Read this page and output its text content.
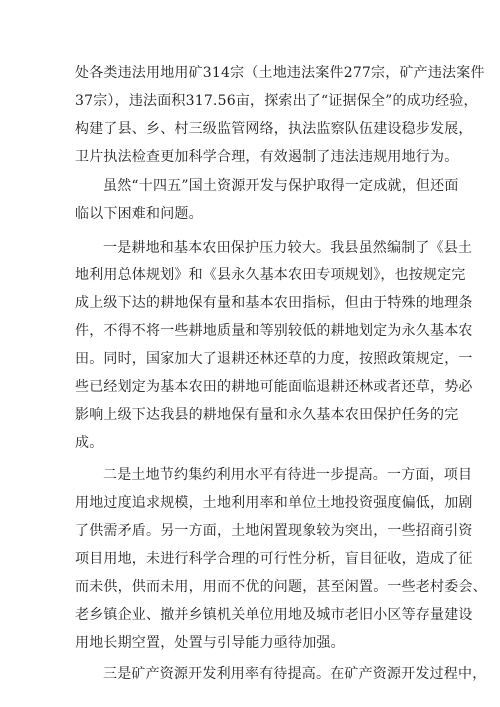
处各类违法用地用矿314宗（土地违法案件277宗，矿产违法案件
37宗），违法面积317.56亩，探索出了“证据保全”的成功经验，
构建了县、乡、村三级监管网络，执法监察队伍建设稳步发展，
卫片执法检查更加科学合理，有效遏制了违法违规用地行为。
虽然“十四五”国土资源开发与保护取得一定成就，但还面
临以下困难和问题。
一是耕地和基本农田保护压力较大。我县虽然编制了《县土
地利用总体规划》和《县永久基本农田专项规划》，也按规定完
成上级下达的耕地保有量和基本农田指标，但由于特殊的地理条
件，不得不将一些耕地质量和等别较低的耕地划定为永久基本农
田。同时，国家加大了退耕还林还草的力度，按照政策规定，一
些已经划定为基本农田的耕地可能面临退耕还林或者还草，势必
影响上级下达我县的耕地保有量和永久基本农田保护任务的完
成。
二是土地节约集约利用水平有待进一步提高。一方面，项目
用地过度追求规模，土地利用率和单位土地投资强度偏低，加剧
了供需矛盾。另一方面，土地闲置现象较为突出，一些招商引资
项目用地，未进行科学合理的可行性分析，盲目征收，造成了征
而未供，供而未用，用而不优的问题，甚至闲置。一些老村委会、
老乡镇企业、撤并乡镇机关单位用地及城市老旧小区等存量建设
用地长期空置，处置与引导能力亟待加强。
三是矿产资源开发利用率有待提高。在矿产资源开发过程中，
